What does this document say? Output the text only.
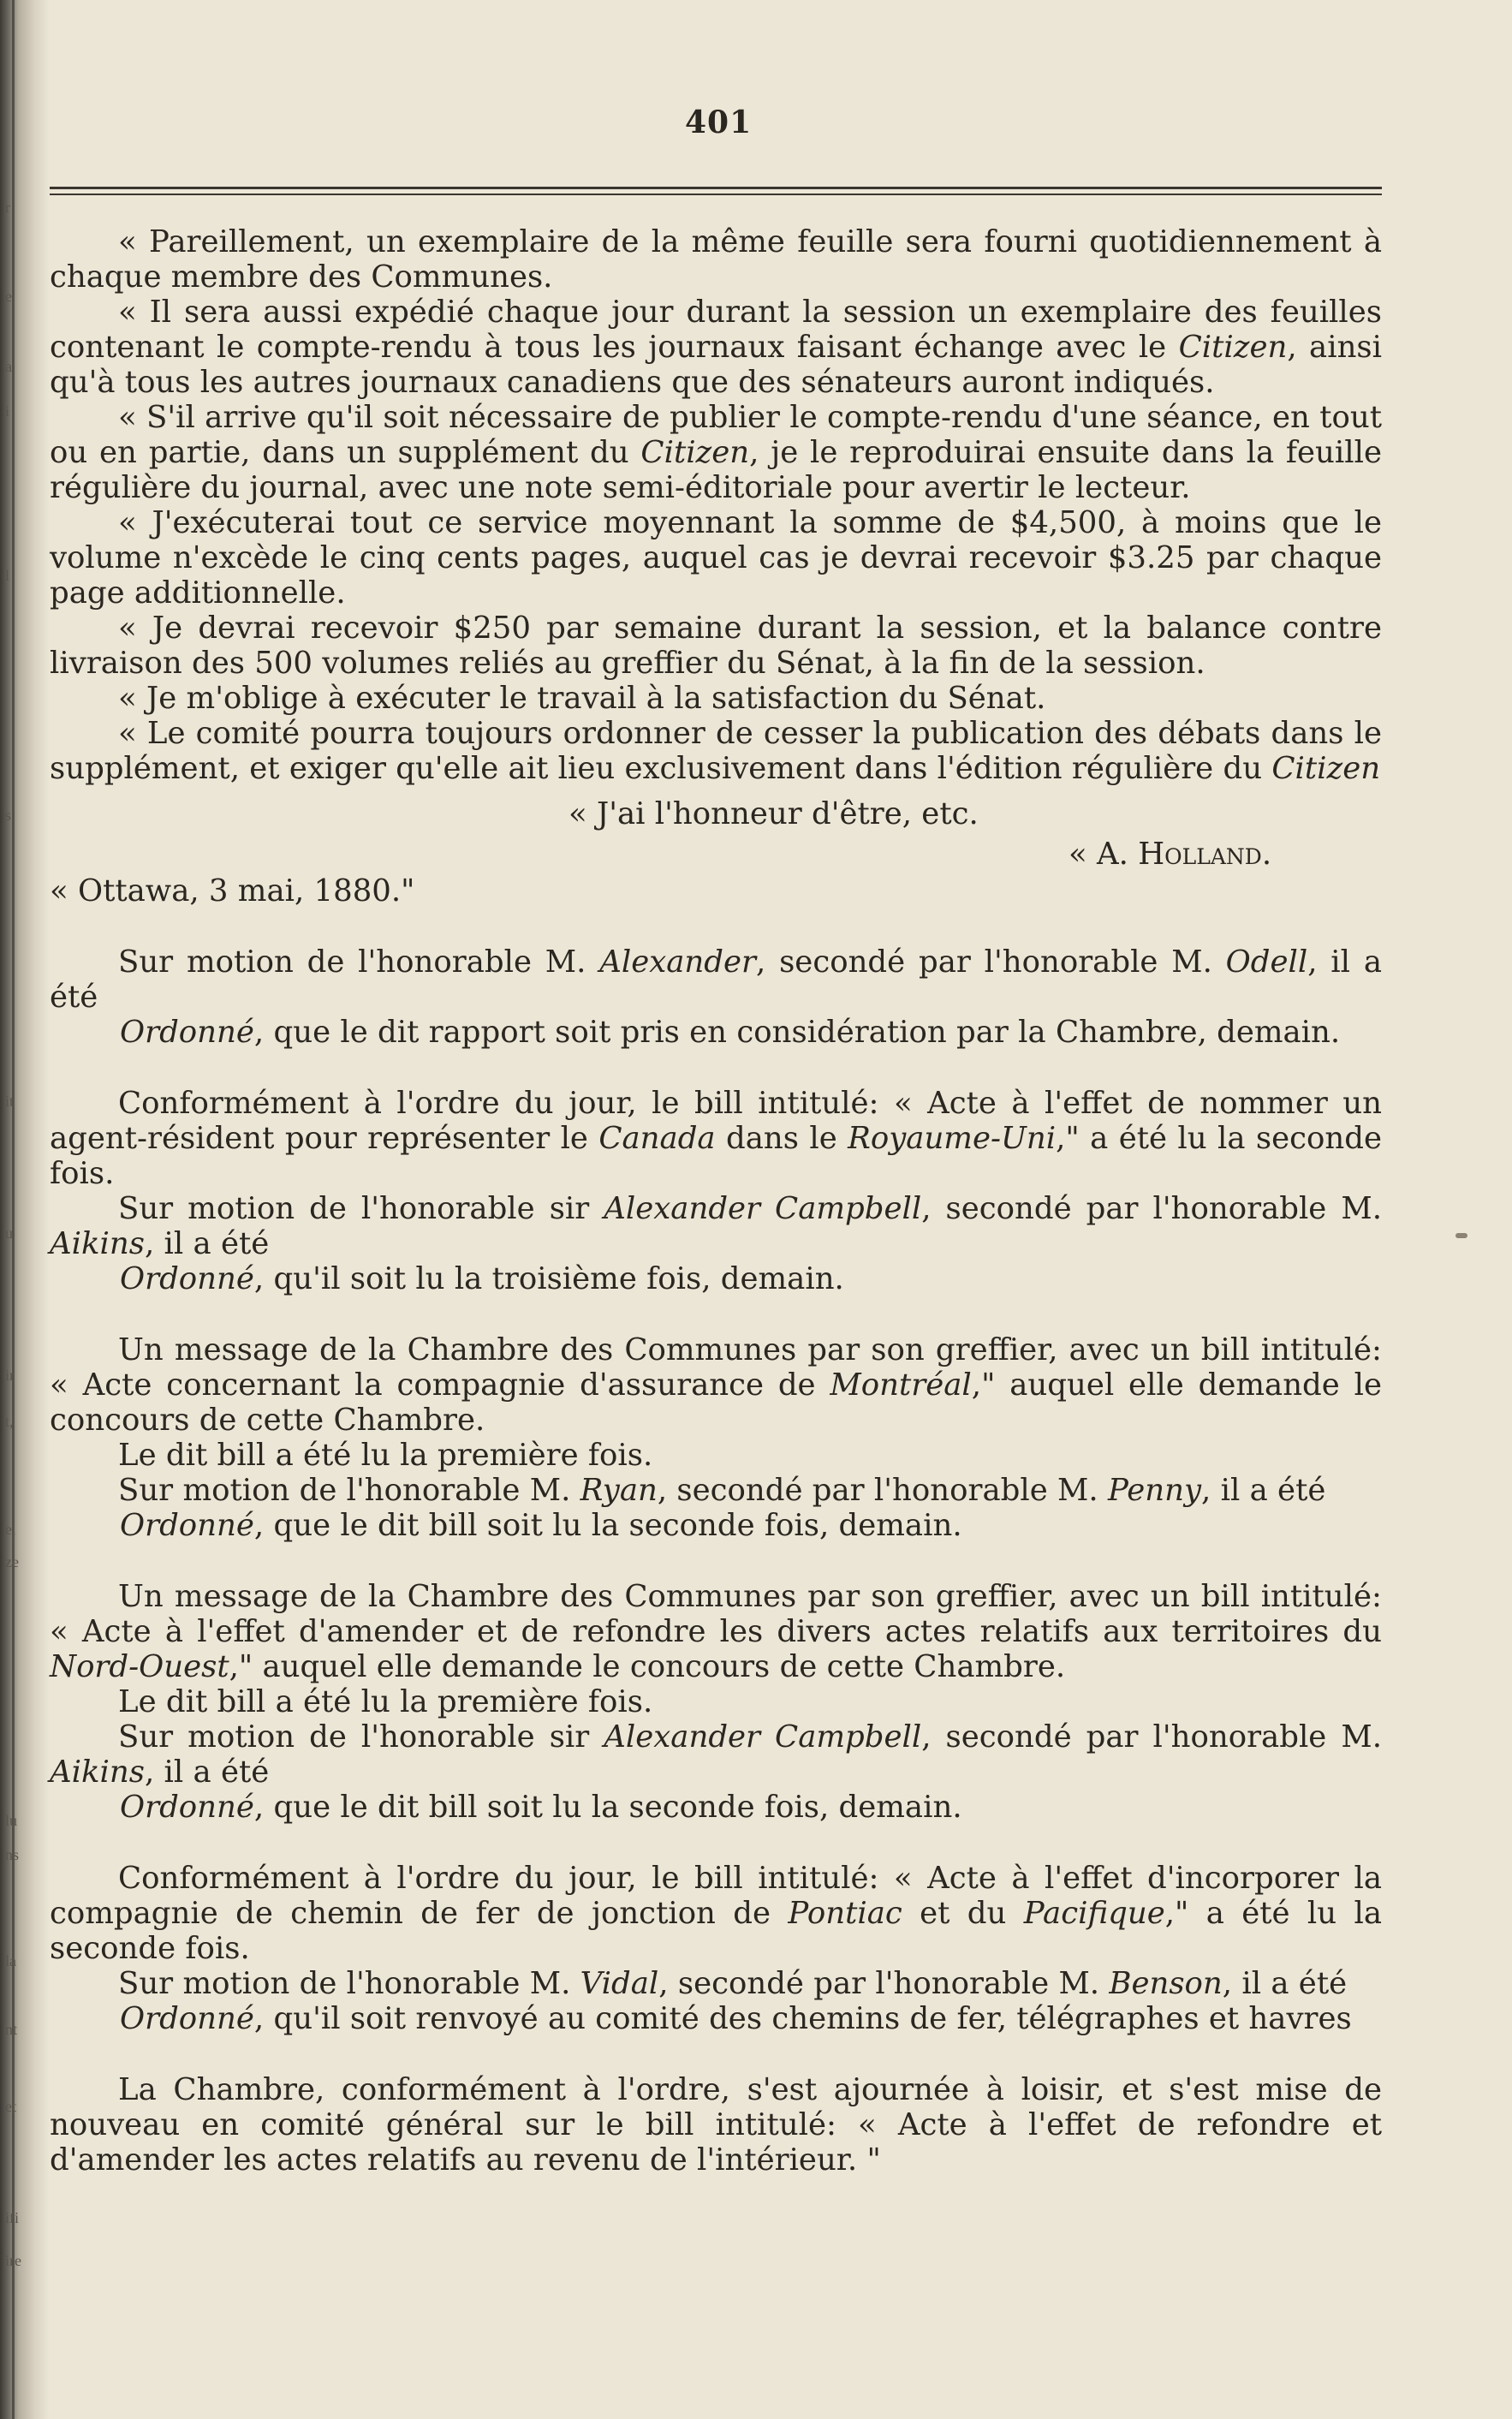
r
e
a
i
l
s
it
u
ir
t,
e,
ze
lu
ns
la
nt
et
ifi
ire
401

« Pareillement, un exemplaire de la même feuille sera fourni quotidiennement à chaque membre des Communes.

« Il sera aussi expédié chaque jour durant la session un exemplaire des feuilles contenant le compte-rendu à tous les journaux faisant échange avec le Citizen, ainsi qu'à tous les autres journaux canadiens que des sénateurs auront indiqués.

« S'il arrive qu'il soit nécessaire de publier le compte-rendu d'une séance, en tout ou en partie, dans un supplément du Citizen, je le reproduirai ensuite dans la feuille régulière du journal, avec une note semi-éditoriale pour avertir le lecteur.

« J'exécuterai tout ce service moyennant la somme de $4,500, à moins que le volume n'excède le cinq cents pages, auquel cas je devrai recevoir $3.25 par chaque page additionnelle.

« Je devrai recevoir $250 par semaine durant la session, et la balance contre livraison des 500 volumes reliés au greffier du Sénat, à la fin de la session.

« Je m'oblige à exécuter le travail à la satisfaction du Sénat.

« Le comité pourra toujours ordonner de cesser la publication des débats dans le supplément, et exiger qu'elle ait lieu exclusivement dans l'édition régulière du Citizen

« J'ai l'honneur d'être, etc.

« A. Holland.

« Ottawa, 3 mai, 1880."

Sur motion de l'honorable M. Alexander, secondé par l'honorable M. Odell, il a été

Ordonné, que le dit rapport soit pris en considération par la Chambre, demain.

Conformément à l'ordre du jour, le bill intitulé: « Acte à l'effet de nommer un agent-résident pour représenter le Canada dans le Royaume-Uni," a été lu la seconde fois.

Sur motion de l'honorable sir Alexander Campbell, secondé par l'honorable M. Aikins, il a été

Ordonné, qu'il soit lu la troisième fois, demain.

Un message de la Chambre des Communes par son greffier, avec un bill intitulé: « Acte concernant la compagnie d'assurance de Montréal," auquel elle demande le concours de cette Chambre.

Le dit bill a été lu la première fois.

Sur motion de l'honorable M. Ryan, secondé par l'honorable M. Penny, il a été

Ordonné, que le dit bill soit lu la seconde fois, demain.

Un message de la Chambre des Communes par son greffier, avec un bill intitulé: « Acte à l'effet d'amender et de refondre les divers actes relatifs aux territoires du Nord-Ouest," auquel elle demande le concours de cette Chambre.

Le dit bill a été lu la première fois.

Sur motion de l'honorable sir Alexander Campbell, secondé par l'honorable M. Aikins, il a été

Ordonné, que le dit bill soit lu la seconde fois, demain.

Conformément à l'ordre du jour, le bill intitulé: « Acte à l'effet d'incorporer la compagnie de chemin de fer de jonction de Pontiac et du Pacifique," a été lu la seconde fois.

Sur motion de l'honorable M. Vidal, secondé par l'honorable M. Benson, il a été

Ordonné, qu'il soit renvoyé au comité des chemins de fer, télégraphes et havres

La Chambre, conformément à l'ordre, s'est ajournée à loisir, et s'est mise de nouveau en comité général sur le bill intitulé: « Acte à l'effet de refondre et d'amender les actes relatifs au revenu de l'intérieur. "
